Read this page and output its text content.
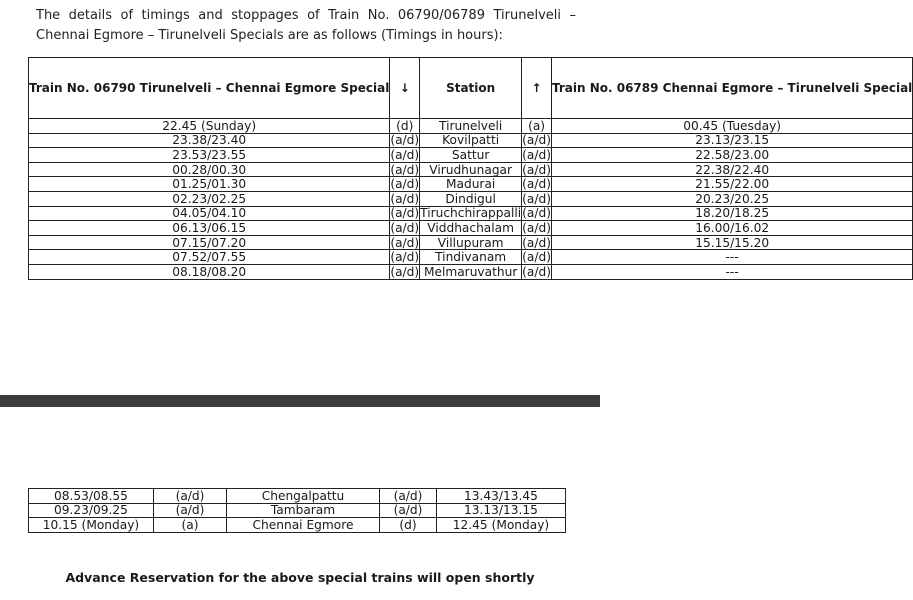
The details of timings and stoppages of Train No. 06790/06789 Tirunelveli – Chennai Egmore – Tirunelveli Specials are as follows (Timings in hours):
Train No. 06790 Tirunelveli – Chennai Egmore Special	↓	Station	↑	Train No. 06789 Chennai Egmore – Tirunelveli Special
22.45 (Sunday)	(d)	Tirunelveli	(a)	00.45 (Tuesday)
23.38/23.40	(a/d)	Kovilpatti	(a/d)	23.13/23.15
23.53/23.55	(a/d)	Sattur	(a/d)	22.58/23.00
00.28/00.30	(a/d)	Virudhunagar	(a/d)	22.38/22.40
01.25/01.30	(a/d)	Madurai	(a/d)	21.55/22.00
02.23/02.25	(a/d)	Dindigul	(a/d)	20.23/20.25
04.05/04.10	(a/d)	Tiruchchirappalli	(a/d)	18.20/18.25
06.13/06.15	(a/d)	Viddhachalam	(a/d)	16.00/16.02
07.15/07.20	(a/d)	Villupuram	(a/d)	15.15/15.20
07.52/07.55	(a/d)	Tindivanam	(a/d)	---
08.18/08.20	(a/d)	Melmaruvathur	(a/d)	---
08.53/08.55	(a/d)	Chengalpattu	(a/d)	13.43/13.45
09.23/09.25	(a/d)	Tambaram	(a/d)	13.13/13.15
10.15 (Monday)	(a)	Chennai Egmore	(d)	12.45 (Monday)
Advance Reservation for the above special trains will open shortly
